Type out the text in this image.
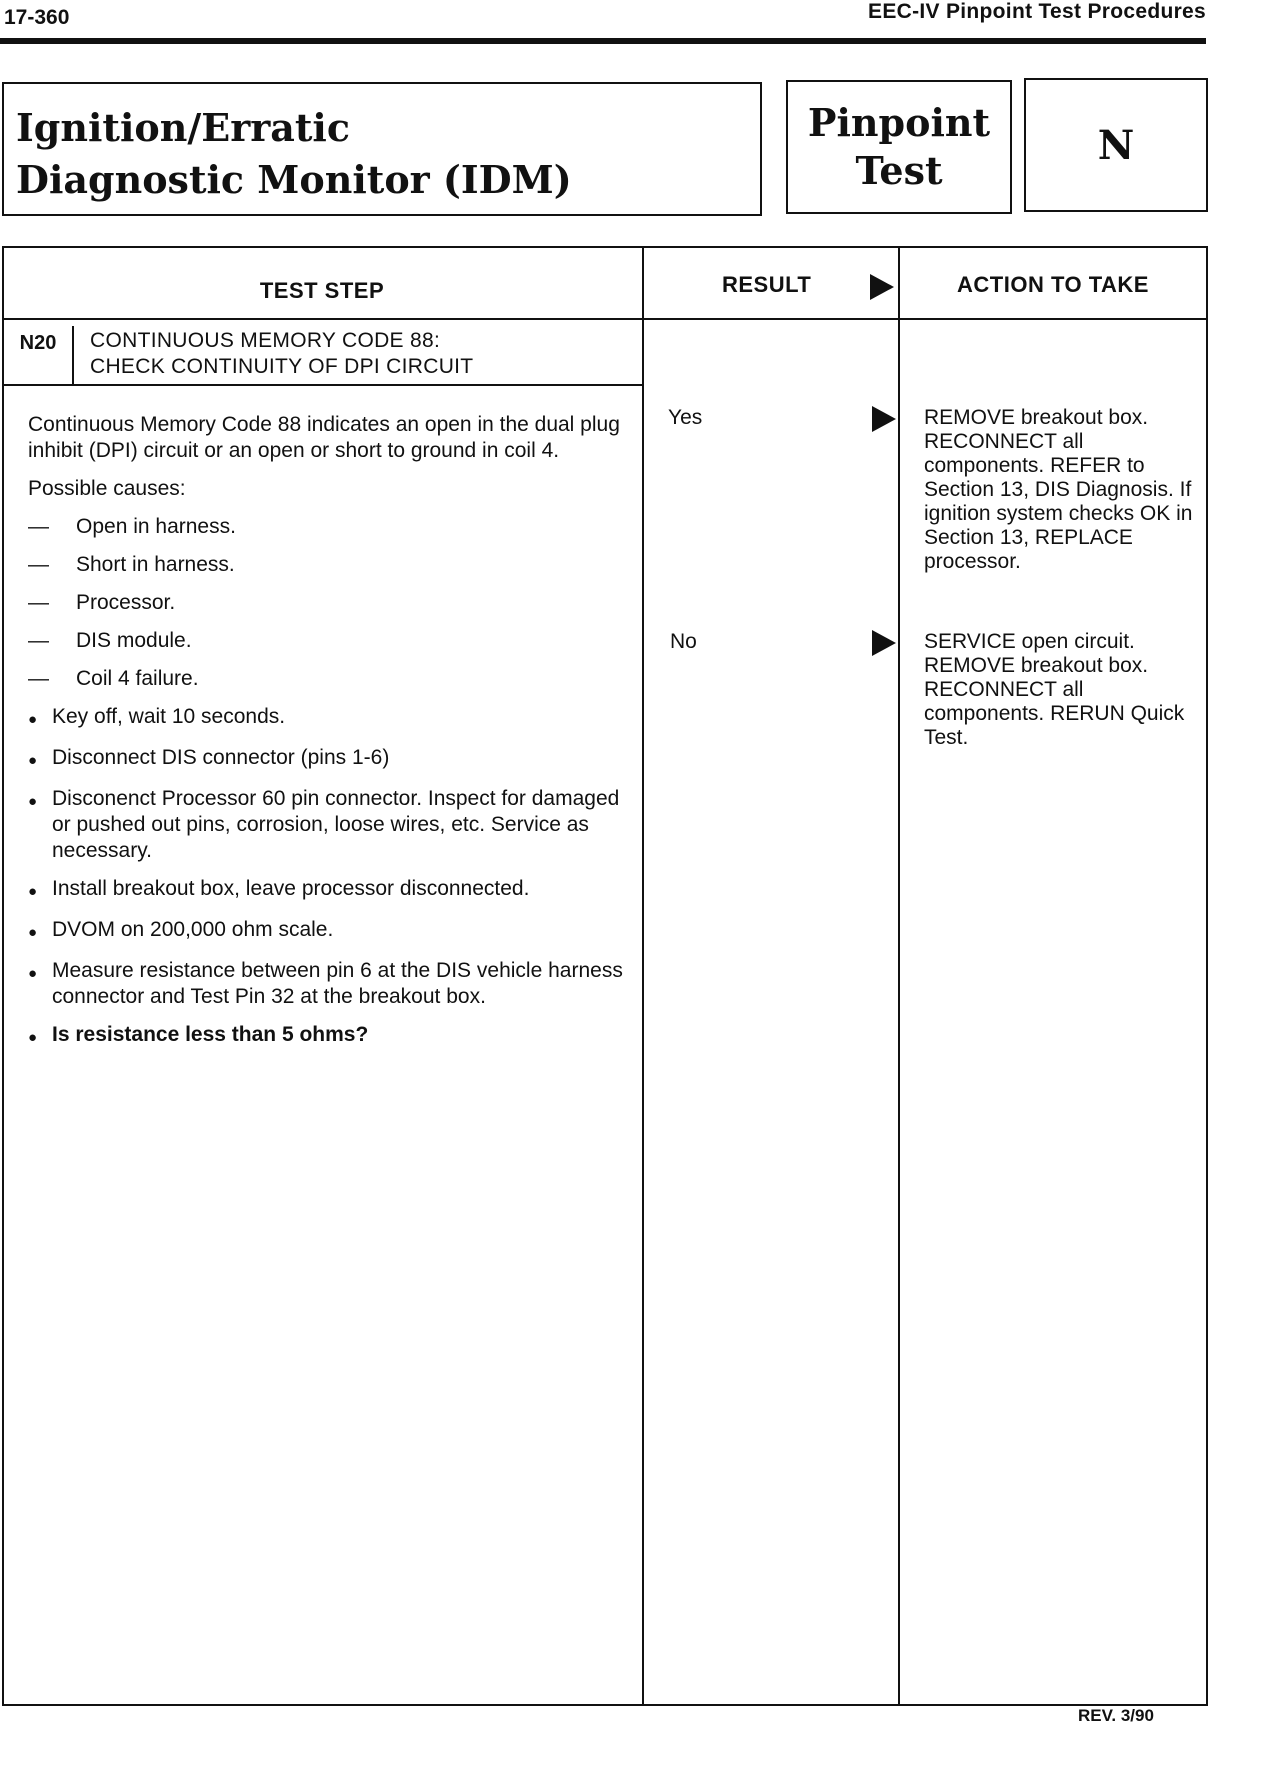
17-360	EEC-IV Pinpoint Test Procedures
Ignition/Erratic
Diagnostic Monitor (IDM)
Pinpoint
Test
N
TEST STEP	RESULT	ACTION TO TAKE
N20	CONTINUOUS MEMORY CODE 88:
CHECK CONTINUITY OF DPI CIRCUIT

Continuous Memory Code 88 indicates an open in the dual plug inhibit (DPI) circuit or an open or short to ground in coil 4.

Possible causes:

—	Open in harness.
—	Short in harness.
—	Processor.
—	DIS module.
—	Coil 4 failure.
● Key off, wait 10 seconds.
● Disconnect DIS connector (pins 1-6)
● Disconenct Processor 60 pin connector. Inspect for damaged or pushed out pins, corrosion, loose wires, etc. Service as necessary.
● Install breakout box, leave processor disconnected.
● DVOM on 200,000 ohm scale.
● Measure resistance between pin 6 at the DIS vehicle harness connector and Test Pin 32 at the breakout box.
● Is resistance less than 5 ohms?
Yes	REMOVE breakout box. RECONNECT all components. REFER to Section 13, DIS Diagnosis. If ignition system checks OK in Section 13, REPLACE processor.
No	SERVICE open circuit. REMOVE breakout box. RECONNECT all components. RERUN Quick Test.
REV. 3/90
